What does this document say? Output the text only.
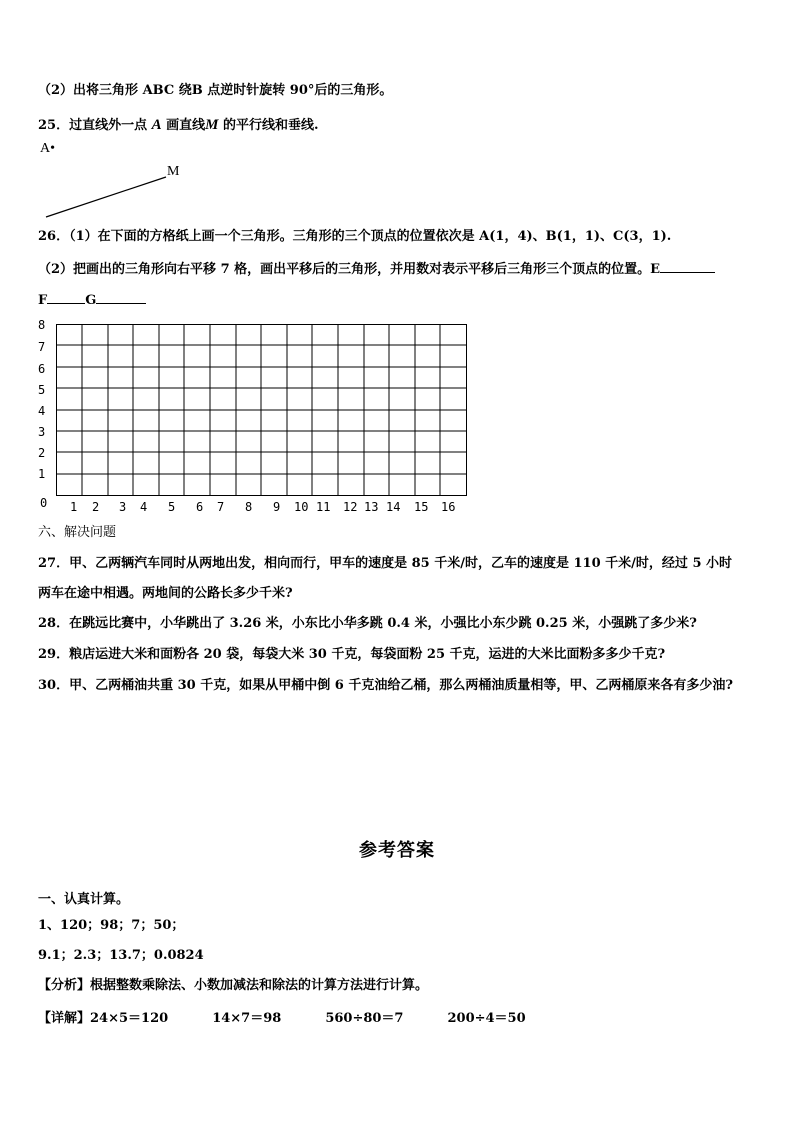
（2）出将三角形 ABC 绕B 点逆时针旋转 90°后的三角形。
25．过直线外一点 A 画直线M 的平行线和垂线.
A•
M
26．（1）在下面的方格纸上画一个三角形。三角形的三个顶点的位置依次是 A(1，4)、B(1，1)、C(3，1).
（2）把画出的三角形向右平移 7 格，画出平移后的三角形，并用数对表示平移后三角形三个顶点的位置。E
F	G
8
7
6
5
4
3
2
1
0 1 2 3 4 5 6 7 8 9 10 11 12 13 14 15 16
六、解决问题
27．甲、乙两辆汽车同时从两地出发，相向而行，甲车的速度是 85 千米/时，乙车的速度是 110 千米/时，经过 5 小时
两车在途中相遇。两地间的公路长多少千米?
28．在跳远比赛中，小华跳出了 3.26 米，小东比小华多跳 0.4 米，小强比小东少跳 0.25 米，小强跳了多少米?
29．粮店运进大米和面粉各 20 袋，每袋大米 30 千克，每袋面粉 25 千克，运进的大米比面粉多多少千克?
30．甲、乙两桶油共重 30 千克，如果从甲桶中倒 6 千克油给乙桶，那么两桶油质量相等，甲、乙两桶原来各有多少油?
参考答案
一、认真计算。
1、120；98；7；50；
9.1；2.3；13.7；0.0824
【分析】根据整数乘除法、小数加减法和除法的计算方法进行计算。
【详解】24×5＝120	14×7＝98	560÷80＝7	200÷4＝50
